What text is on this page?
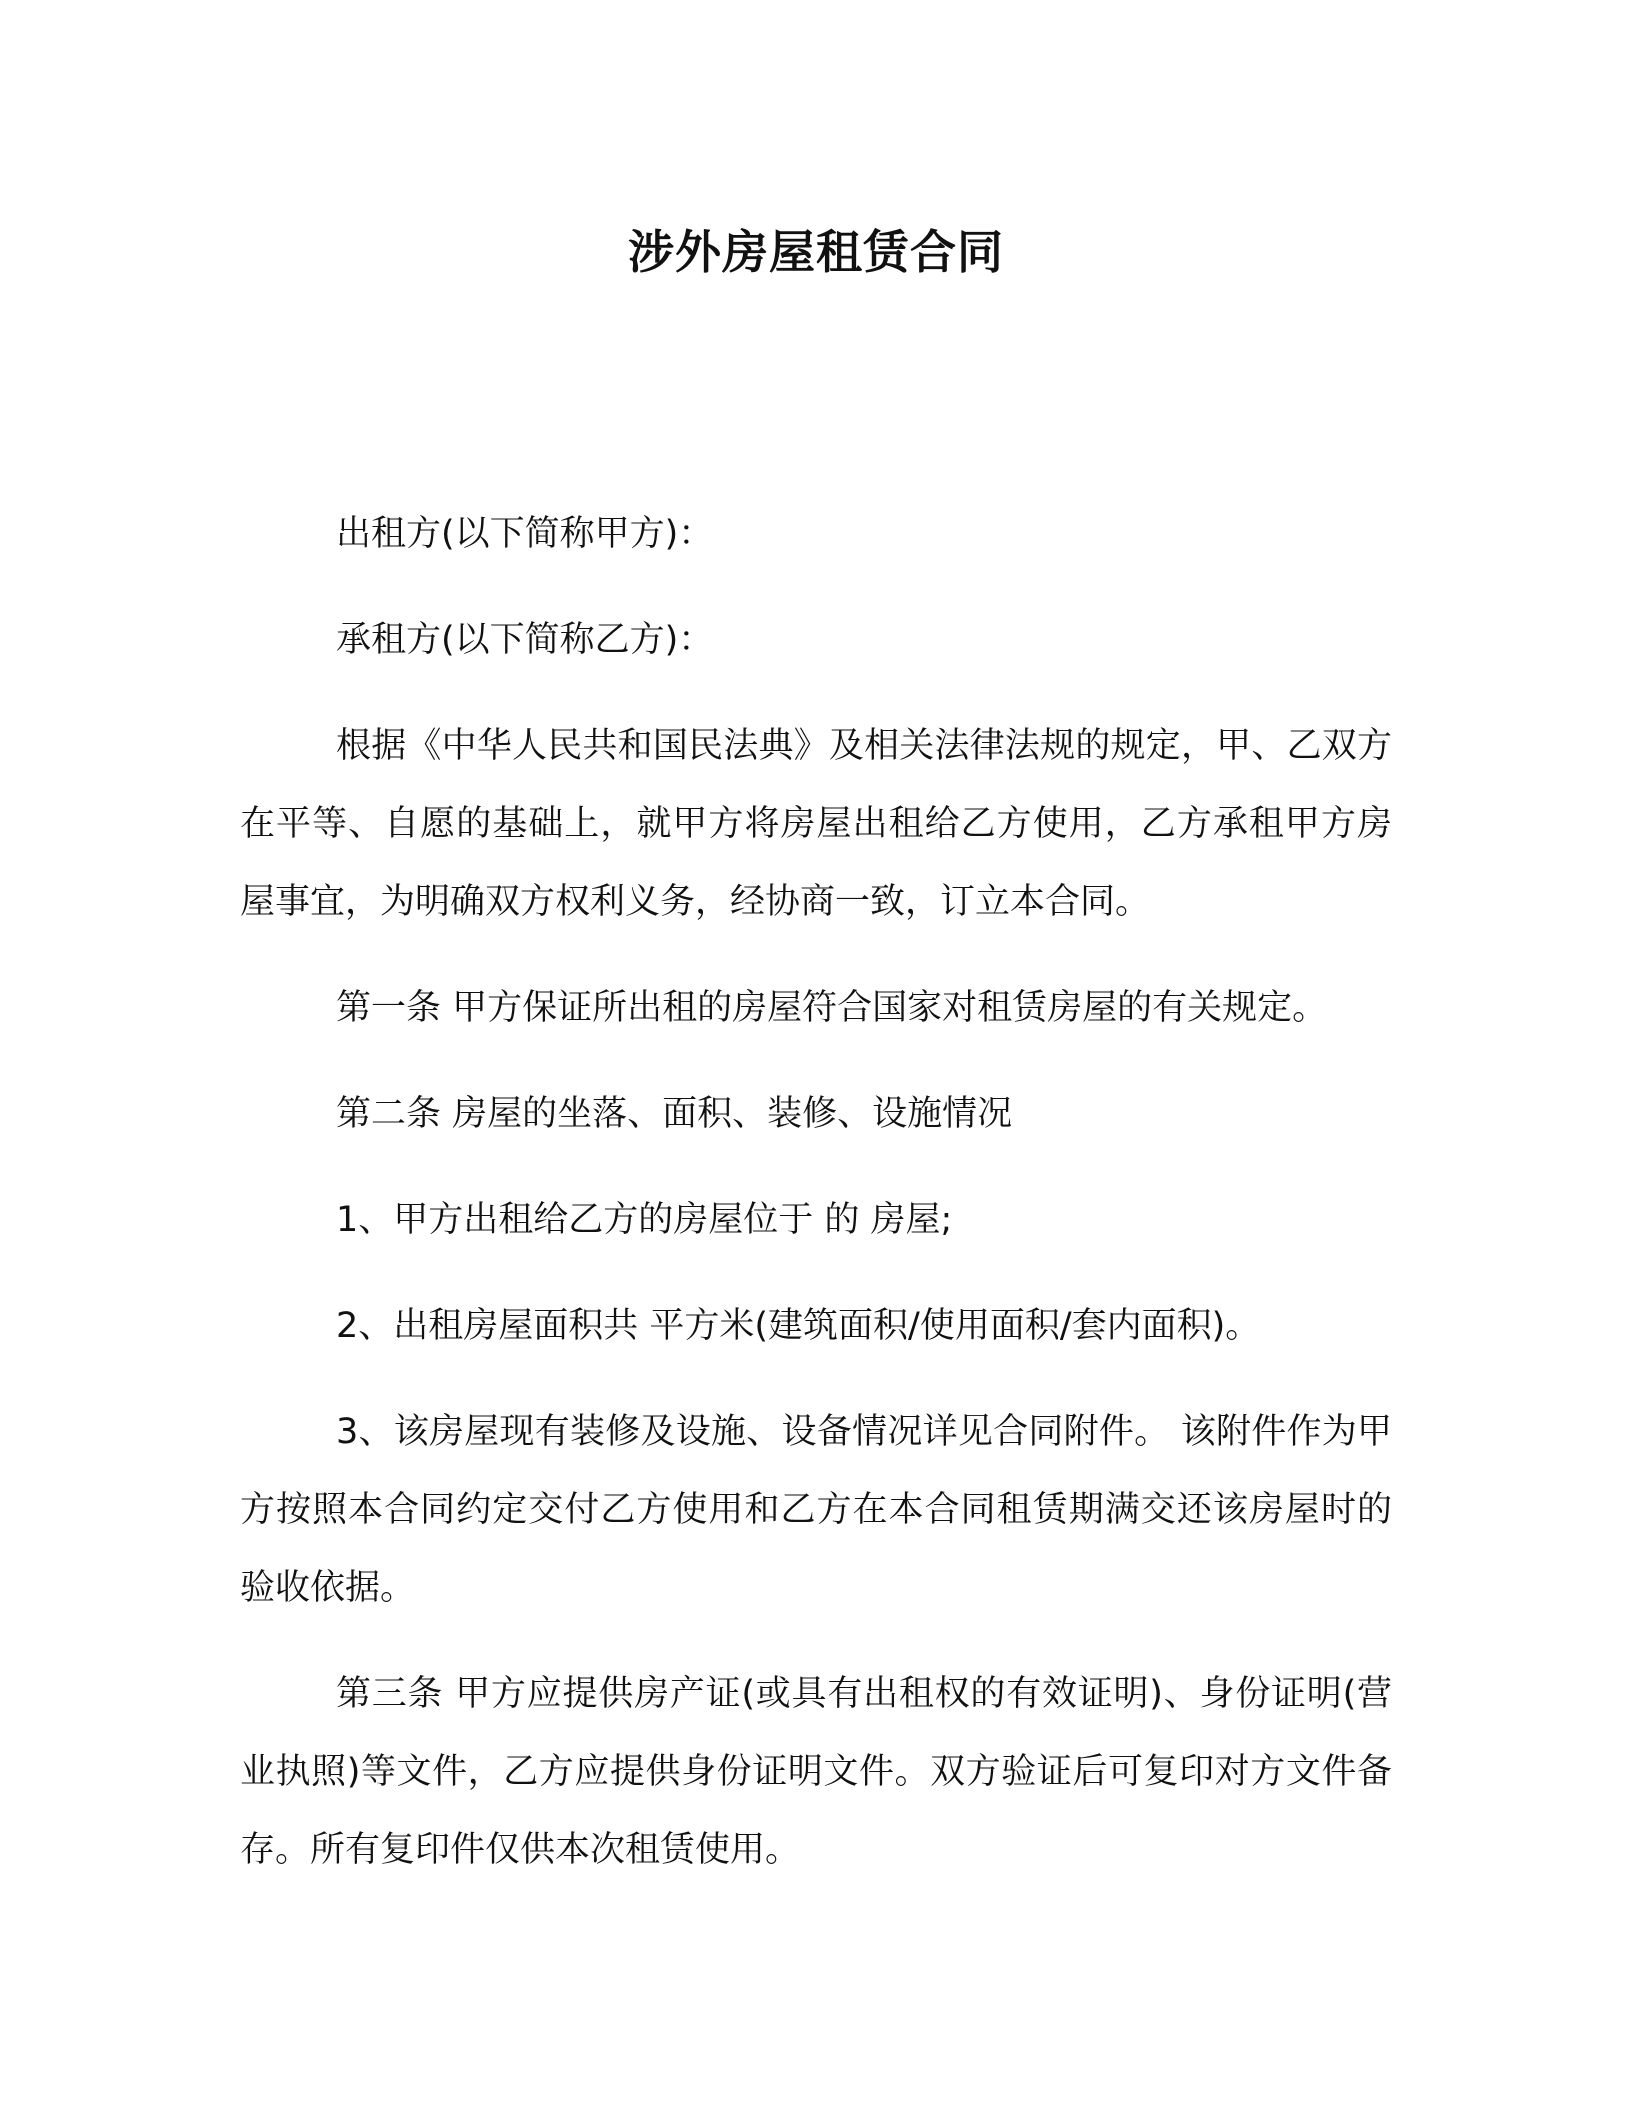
涉外房屋租赁合同

出租方(以下简称甲方)：

承租方(以下简称乙方)：

根据《中华人民共和国民法典》及相关法律法规的规定，甲、乙双方在平等、自愿的基础上，就甲方将房屋出租给乙方使用，乙方承租甲方房屋事宜，为明确双方权利义务，经协商一致，订立本合同。

第一条 甲方保证所出租的房屋符合国家对租赁房屋的有关规定。

第二条 房屋的坐落、面积、装修、设施情况

1、甲方出租给乙方的房屋位于 的 房屋;

2、出租房屋面积共 平方米(建筑面积/使用面积/套内面积)。

3、该房屋现有装修及设施、设备情况详见合同附件。 该附件作为甲方按照本合同约定交付乙方使用和乙方在本合同租赁期满交还该房屋时的验收依据。

第三条 甲方应提供房产证(或具有出租权的有效证明)、身份证明(营业执照)等文件，乙方应提供身份证明文件。双方验证后可复印对方文件备存。所有复印件仅供本次租赁使用。
